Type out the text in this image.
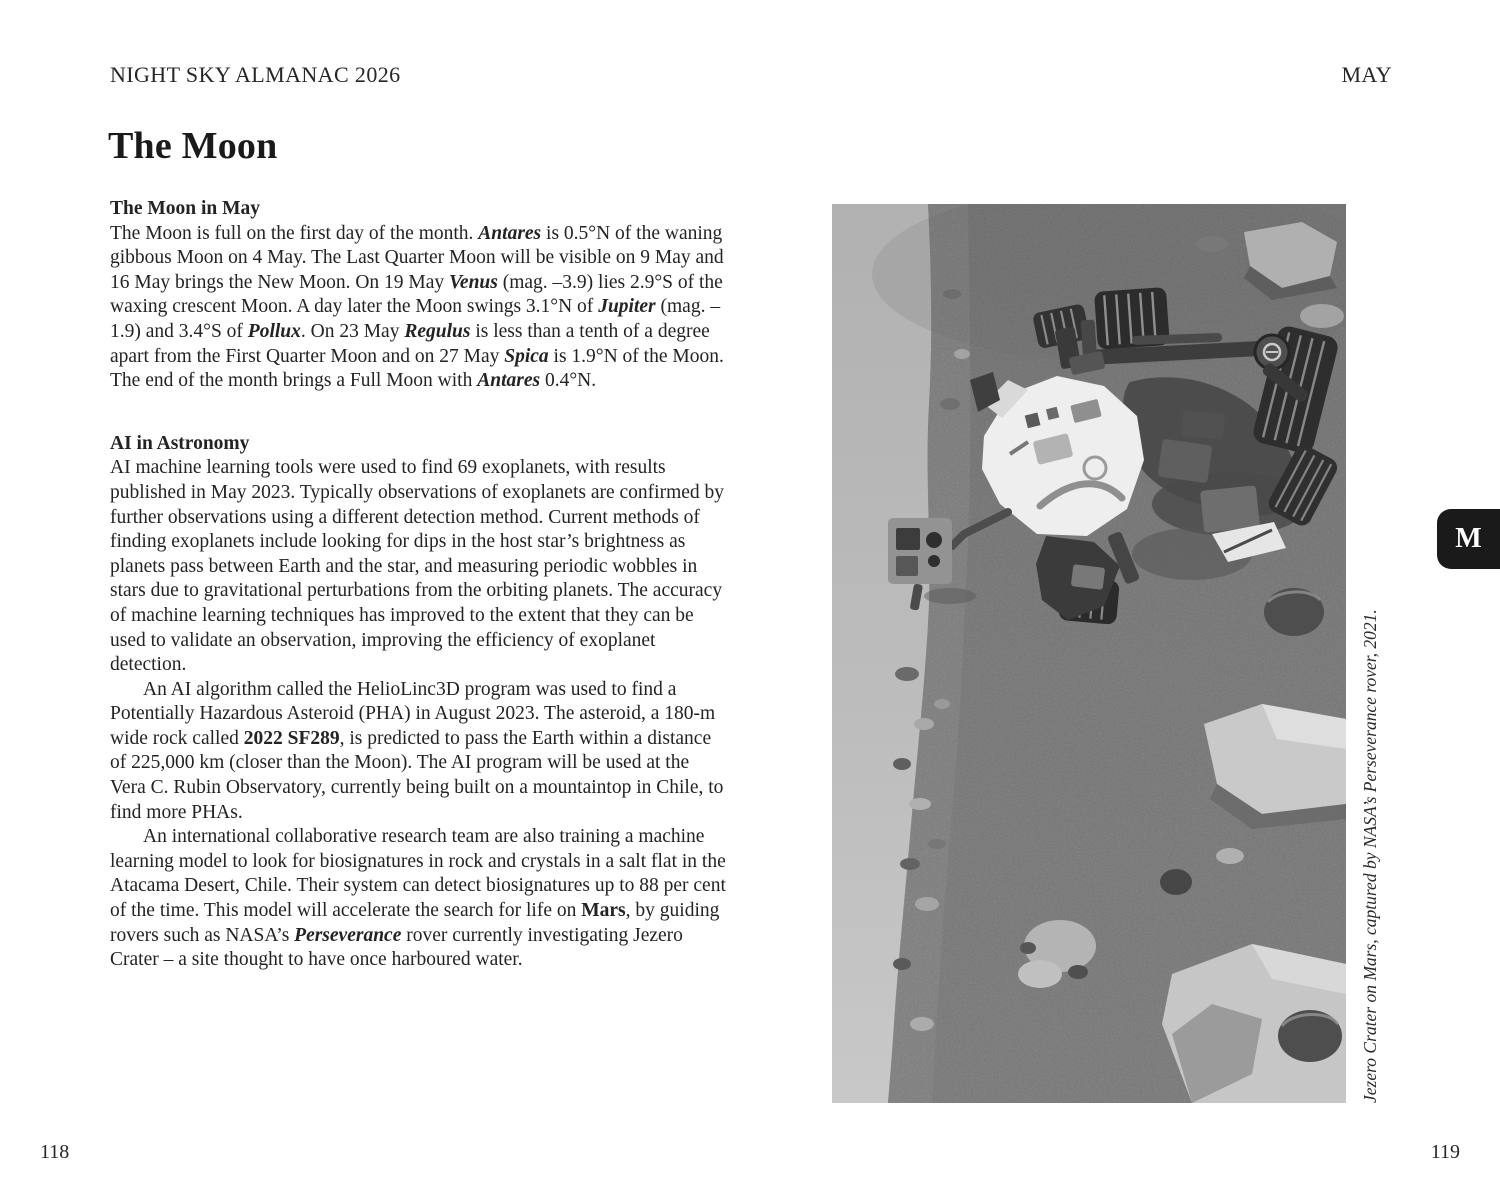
NIGHT SKY ALMANAC 2026	MAY
The Moon
The Moon in May

The Moon is full on the first day of the month. Antares is 0.5°N of the waning gibbous Moon on 4 May. The Last Quarter Moon will be visible on 9 May and 16 May brings the New Moon. On 19 May Venus (mag. –3.9) lies 2.9°S of the waxing crescent Moon. A day later the Moon swings 3.1°N of Jupiter (mag. –1.9) and 3.4°S of Pollux. On 23 May Regulus is less than a tenth of a degree apart from the First Quarter Moon and on 27 May Spica is 1.9°N of the Moon. The end of the month brings a Full Moon with Antares 0.4°N.

AI in Astronomy

AI machine learning tools were used to find 69 exoplanets, with results published in May 2023. Typically observations of exoplanets are confirmed by further observations using a different detection method. Current methods of finding exoplanets include looking for dips in the host star’s brightness as planets pass between Earth and the star, and measuring periodic wobbles in stars due to gravitational perturbations from the orbiting planets. The accuracy of machine learning techniques has improved to the extent that they can be used to validate an observation, improving the efficiency of exoplanet detection.

An AI algorithm called the HelioLinc3D program was used to find a Potentially Hazardous Asteroid (PHA) in August 2023. The asteroid, a 180-m wide rock called 2022 SF289, is predicted to pass the Earth within a distance of 225,000 km (closer than the Moon). The AI program will be used at the Vera C. Rubin Observatory, currently being built on a mountaintop in Chile, to find more PHAs.

An international collaborative research team are also training a machine learning model to look for biosignatures in rock and crystals in a salt flat in the Atacama Desert, Chile. Their system can detect biosignatures up to 88 per cent of the time. This model will accelerate the search for life on Mars, by guiding rovers such as NASA’s Perseverance rover currently investigating Jezero Crater – a site thought to have once harboured water.	Jezero Crater on Mars, captured by NASA’s Perseverance rover, 2021.
M
118	119
